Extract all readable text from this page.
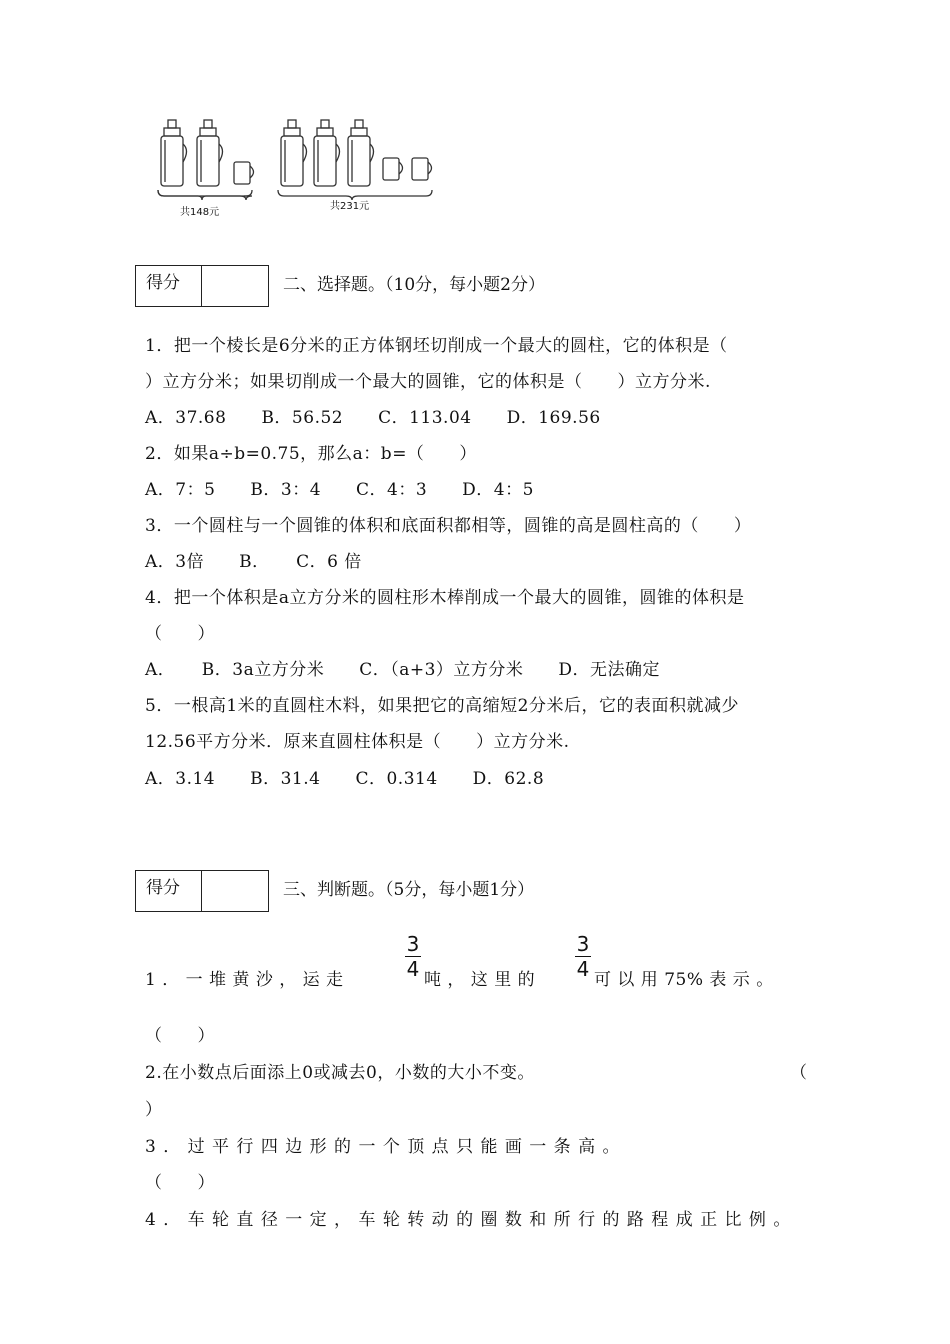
共148元
共231元
得分	二、选择题。（10分，每小题2分）
1．把一个棱长是6分米的正方体钢坯切削成一个最大的圆柱，它的体积是（
）立方分米；如果切削成一个最大的圆锥，它的体积是（　　）立方分米.
A．37.68　　B．56.52　　C．113.04　　D．169.56
2．如果a÷b=0.75，那么a：b=（　　）
A．7：5　　B．3：4　　C．4：3　　D．4：5
3．一个圆柱与一个圆锥的体积和底面积都相等，圆锥的高是圆柱高的（　　）
A．3倍　　B．　　C．6 倍
4．把一个体积是a立方分米的圆柱形木棒削成一个最大的圆锥，圆锥的体积是
（　　）
A．　　B．3a立方分米　　C．（a+3）立方分米　　D．无法确定
5．一根高1米的直圆柱木料，如果把它的高缩短2分米后，它的表面积就减少
12.56平方分米．原来直圆柱体积是（　　）立方分米.
A．3.14　　B．31.4　　C．0.314　　D．62.8
得分	三、判断题。（5分，每小题1分）
1 ． 一 堆 黄 沙 ， 运 走
3
4 吨 ， 这 里 的
3
4 可 以 用 75% 表 示 。
（　　）
2.在小数点后面添上0或减去0，小数的大小不变。	（
）
3 ． 过 平 行 四 边 形 的 一 个 顶 点 只 能 画 一 条 高 。
（　　）
4 ． 车 轮 直 径 一 定 ， 车 轮 转 动 的 圈 数 和 所 行 的 路 程 成 正 比 例 。
